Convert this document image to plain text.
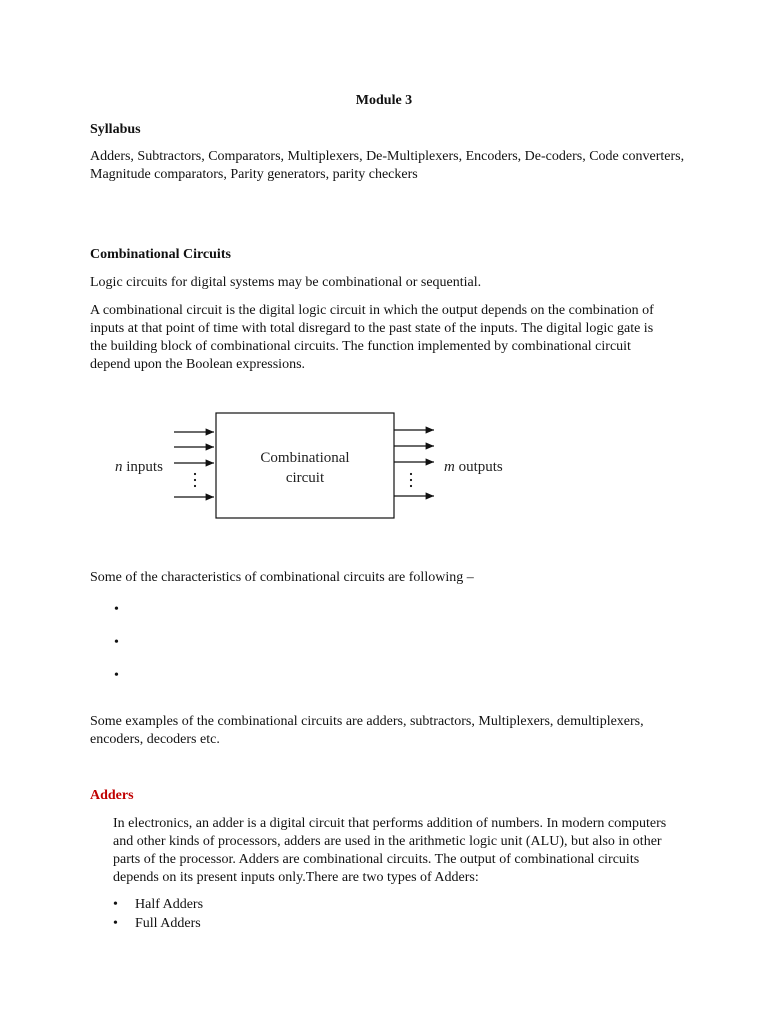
Module 3
Syllabus

Adders, Subtractors, Comparators, Multiplexers, De-Multiplexers, Encoders, De-coders, Code converters, Magnitude comparators, Parity generators, parity checkers

Combinational Circuits

Logic circuits for digital systems may be combinational or sequential.

A combinational circuit is the digital logic circuit in which the output depends on the combination of inputs at that point of time with total disregard to the past state of the inputs. The digital logic gate is the building block of combinational circuits. The function implemented by combinational circuit depend upon the Boolean expressions.

Combinational
circuit
n inputs	m outputs

Some of the characteristics of combinational circuits are following –

•
•
•

Some examples of the combinational circuits are adders, subtractors, Multiplexers, demultiplexers, encoders, decoders etc.

Adders

In electronics, an adder is a digital circuit that performs addition of numbers. In modern computers and other kinds of processors, adders are used in the arithmetic logic unit (ALU), but also in other parts of the processor. Adders are combinational circuits. The output of combinational circuits depends on its present inputs only.There are two types of Adders:

• Half Adders
• Full Adders
